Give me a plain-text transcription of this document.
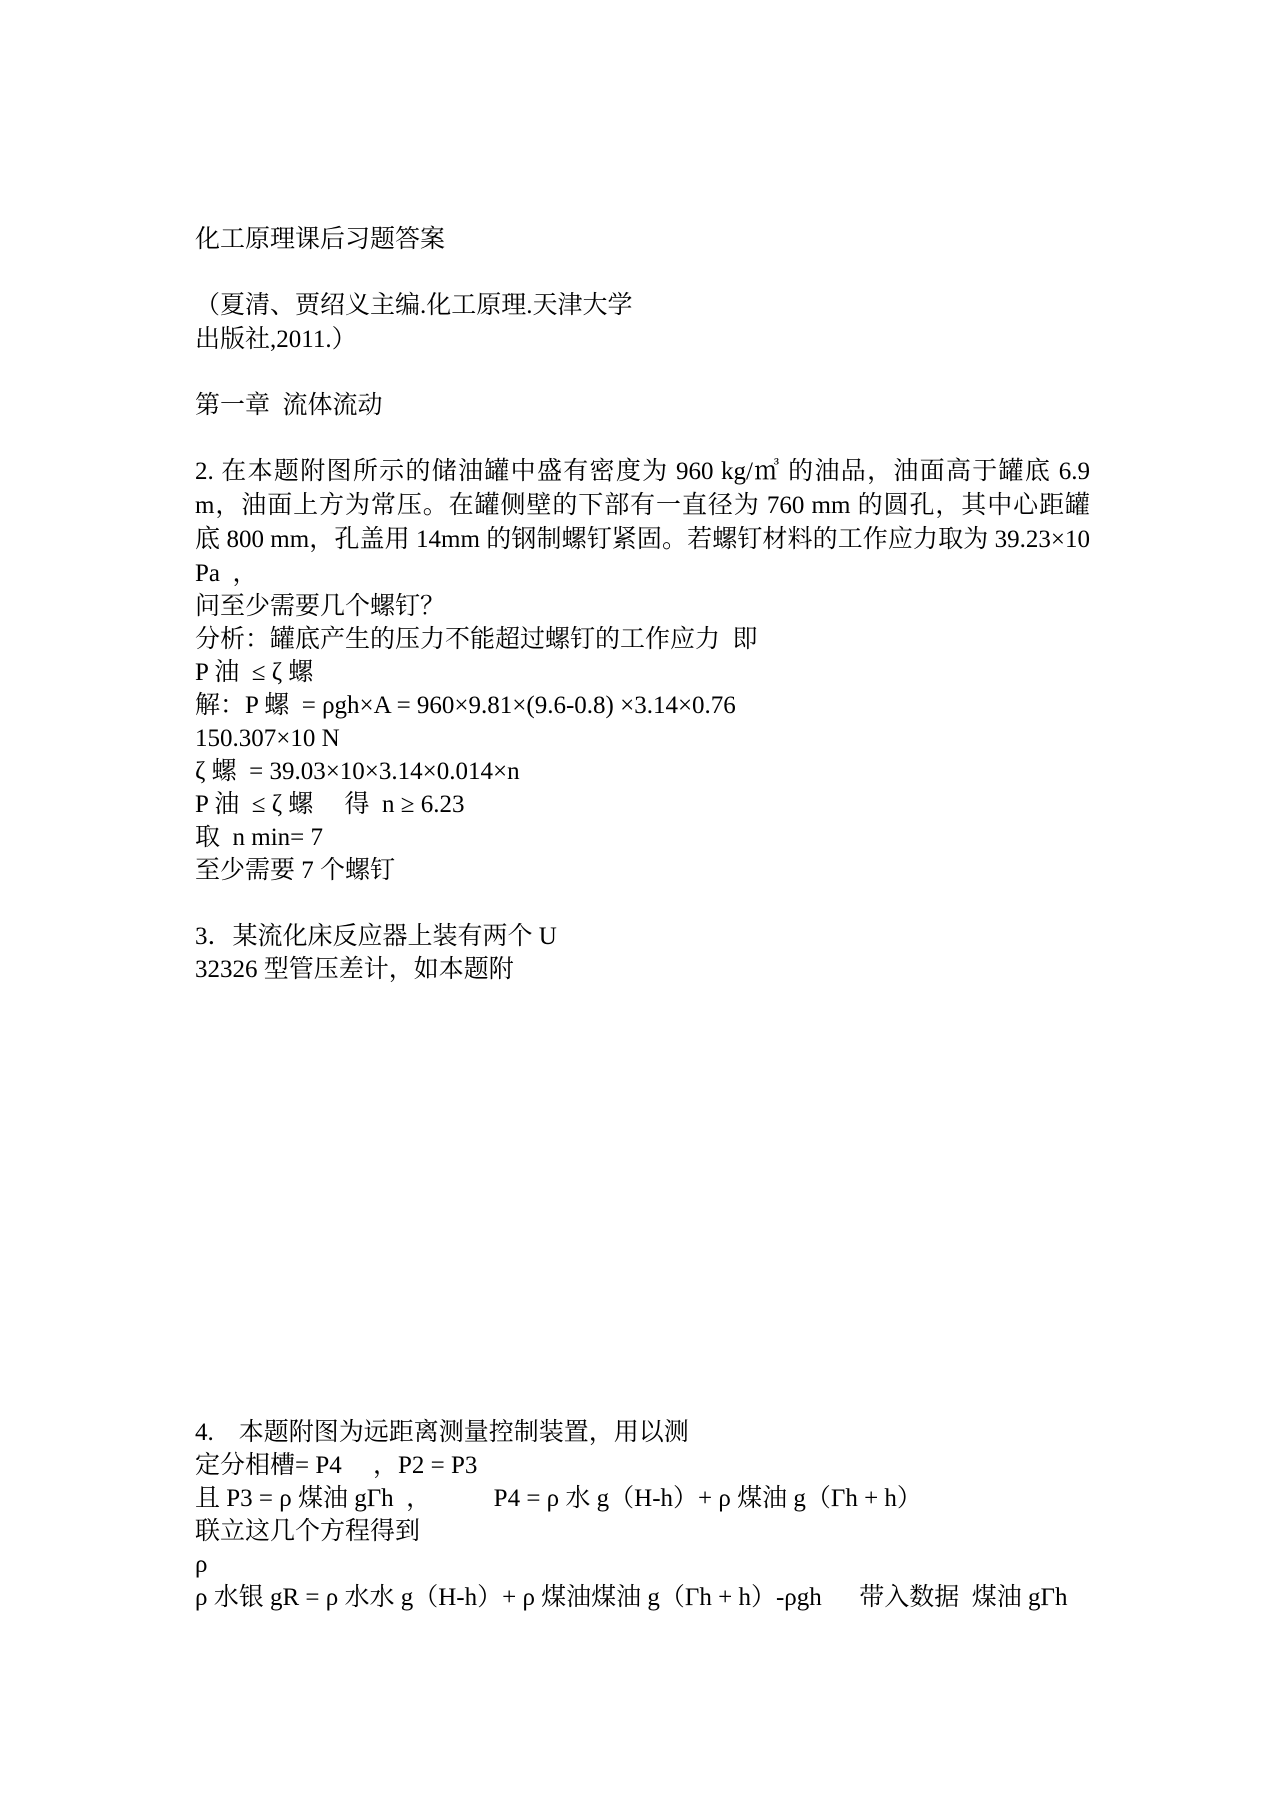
化工原理课后习题答案
（夏清、贾绍义主编.化工原理.天津大学
出版社,2011.）
第一章  流体流动
2. 在本题附图所示的储油罐中盛有密度为 960 kg/㎥ 的油品，油面高于罐底 6.9
m，油面上方为常压。在罐侧壁的下部有一直径为 760 mm 的圆孔，其中心距罐
底 800 mm，孔盖用 14mm 的钢制螺钉紧固。若螺钉材料的工作应力取为 39.23×10
Pa  ，
问至少需要几个螺钉？
分析：罐底产生的压力不能超过螺钉的工作应力  即
P 油  ≤ ζ 螺
解：P 螺  = ρgh×A = 960×9.81×(9.6-0.8) ×3.14×0.76
150.307×10 N
ζ 螺  = 39.03×10×3.14×0.014×n
P 油  ≤ ζ 螺     得  n ≥ 6.23
取  n min= 7
至少需要 7 个螺钉
3．某流化床反应器上装有两个 U
32326 型管压差计，如本题附
4.    本题附图为远距离测量控制装置，用以测
定分相槽= P4     ，P2 = P3
且 P3 = ρ 煤油 gΓh  ，          P4 = ρ 水 g（H-h）+ ρ 煤油 g（Γh + h）
联立这几个方程得到
ρ
ρ 水银 gR = ρ 水水 g（H-h）+ ρ 煤油煤油 g（Γh + h）-ρgh      带入数据  煤油 gΓh
